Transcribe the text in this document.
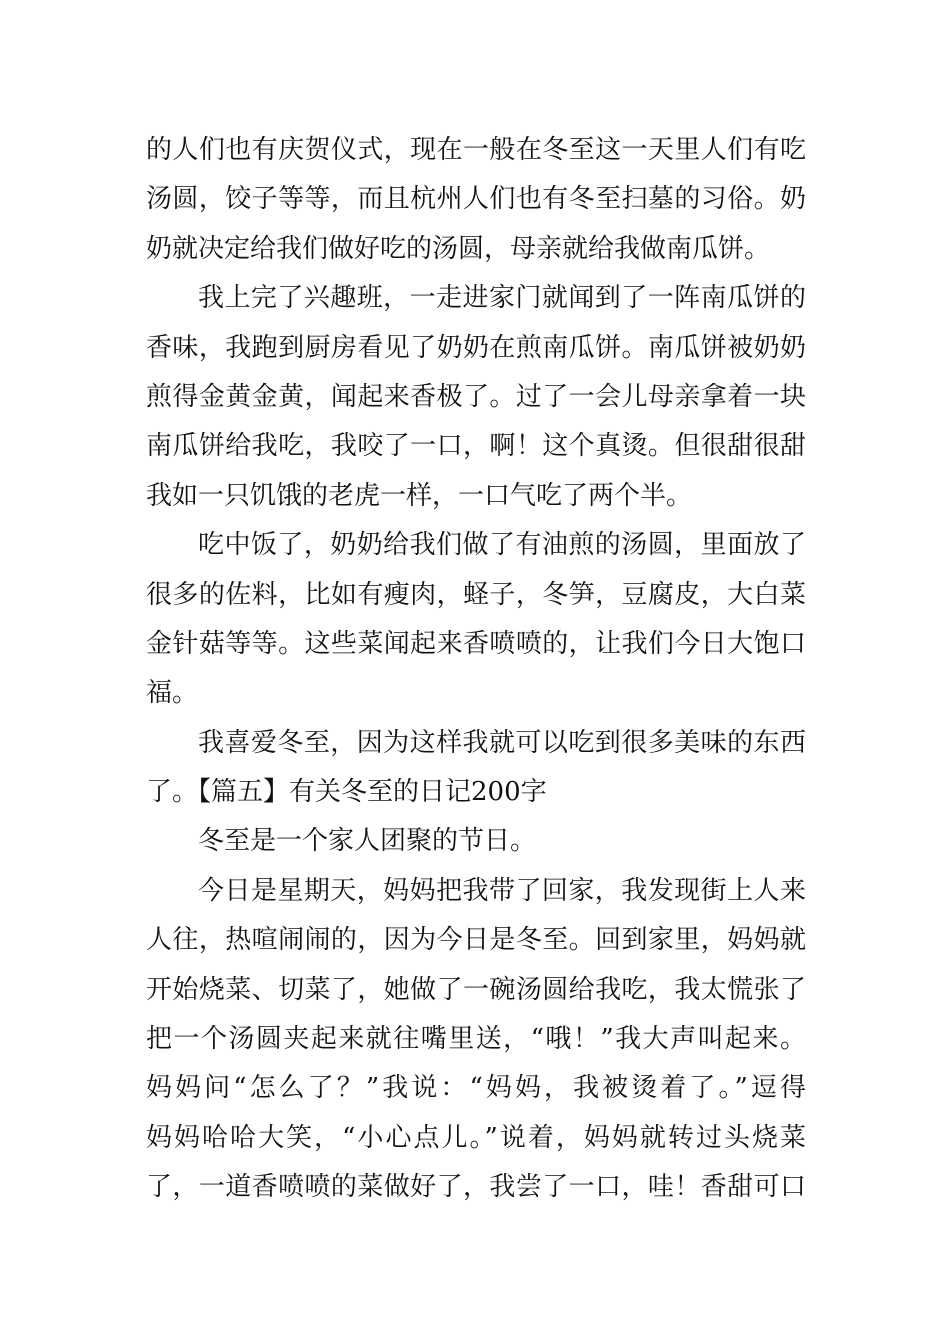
的人们也有庆贺仪式，现在一般在冬至这一天里人们有吃
汤圆，饺子等等，而且杭州人们也有冬至扫墓的习俗。奶
奶就决定给我们做好吃的汤圆，母亲就给我做南瓜饼。
我上完了兴趣班，一走进家门就闻到了一阵南瓜饼的
香味，我跑到厨房看见了奶奶在煎南瓜饼。南瓜饼被奶奶
煎得金黄金黄，闻起来香极了。过了一会儿母亲拿着一块
南瓜饼给我吃，我咬了一口，啊！这个真烫。但很甜很甜
我如一只饥饿的老虎一样，一口气吃了两个半。
吃中饭了，奶奶给我们做了有油煎的汤圆，里面放了
很多的佐料，比如有瘦肉，蛏子，冬笋，豆腐皮，大白菜
金针菇等等。这些菜闻起来香喷喷的，让我们今日大饱口
福。
我喜爱冬至，因为这样我就可以吃到很多美味的东西
了。【篇五】有关冬至的日记200字
冬至是一个家人团聚的节日。
今日是星期天，妈妈把我带了回家，我发现街上人来
人往，热喧闹闹的，因为今日是冬至。回到家里，妈妈就
开始烧菜、切菜了，她做了一碗汤圆给我吃，我太慌张了
把一个汤圆夹起来就往嘴里送，“哦！”我大声叫起来。
妈妈问“怎么了？”我说：“妈妈，我被烫着了。”逗得
妈妈哈哈大笑，“小心点儿。”说着，妈妈就转过头烧菜
了，一道香喷喷的菜做好了，我尝了一口，哇！香甜可口
